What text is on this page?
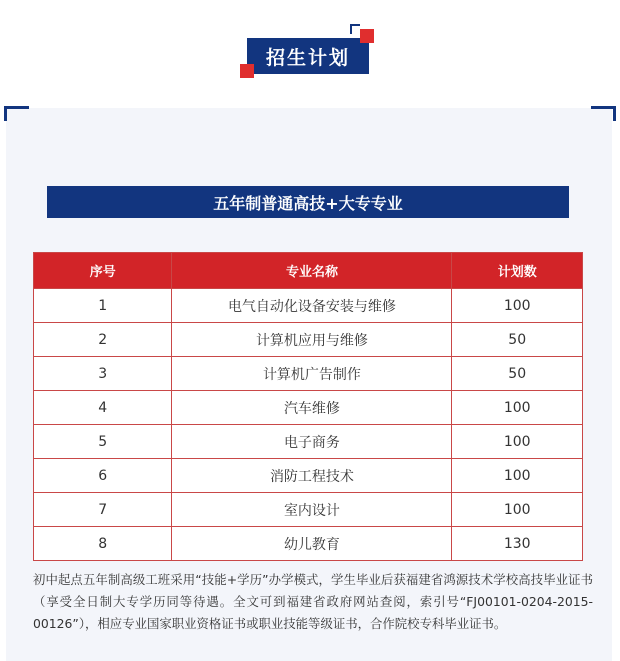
招生计划
五年制普通高技+大专专业
序号	专业名称	计划数
1	电气自动化设备安装与维修	100
2	计算机应用与维修	50
3	计算机广告制作	50
4	汽车维修	100
5	电子商务	100
6	消防工程技术	100
7	室内设计	100
8	幼儿教育	130
初中起点五年制高级工班采用“技能+学历”办学模式，学生毕业后获福建省鸿源技术学校高技毕业证书（享受全日制大专学历同等待遇。全文可到福建省政府网站查阅，索引号“FJ00101-0204-2015-00126”），相应专业国家职业资格证书或职业技能等级证书，合作院校专科毕业证书。
